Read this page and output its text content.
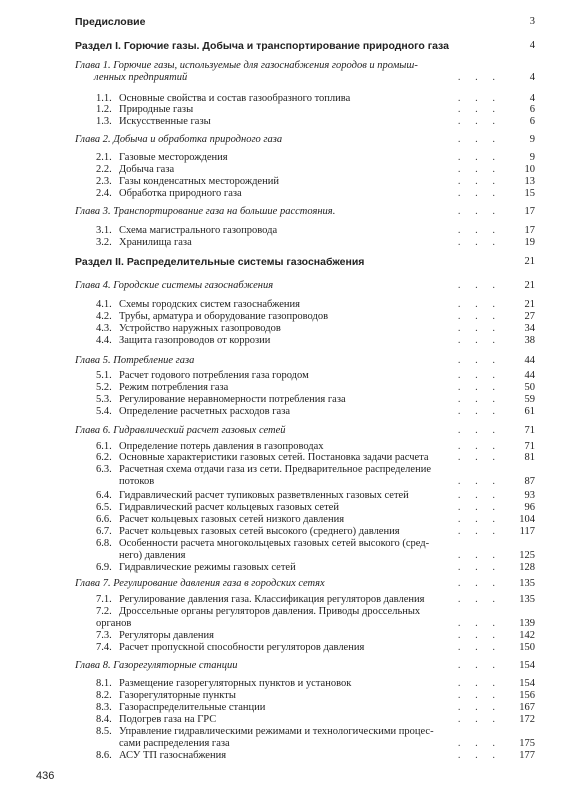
Предисловие	3
Раздел I. Горючие газы. Добыча и транспортирование природного газа	4
Глава 1. Горючие газы, используемые для газоснабжения городов и промыш-
ленных предприятий	4
. . .
1.1. Основные свойства и состав газообразного топлива	4
. . .
1.2. Природные газы	6
. . .
1.3. Искусственные газы	6
. . .
Глава 2. Добыча и обработка природного газа	9
. . .
2.1. Газовые месторождения	9
. . .
2.2. Добыча газа	10
. . .
2.3. Газы конденсатных месторождений	13
. . .
2.4. Обработка природного газа	15
. . .
Глава 3. Транспортирование газа на большие расстояния.	17
. . .
3.1. Схема магистрального газопровода	17
. . .
3.2. Хранилища газа	19
. . .
Раздел II. Распределительные системы газоснабжения	21
Глава 4. Городские системы газоснабжения	21
. . .
4.1. Схемы городских систем газоснабжения	21
. . .
4.2. Трубы, арматура и оборудование газопроводов	27
. . .
4.3. Устройство наружных газопроводов	34
. . .
4.4. Защита газопроводов от коррозии	38
. . .
Глава 5. Потребление газа	44
. . .
5.1. Расчет годового потребления газа городом	44
. . .
5.2. Режим потребления газа	50
. . .
5.3. Регулирование неравномерности потребления газа	59
. . .
5.4. Определение расчетных расходов газа	61
. . .
Глава 6. Гидравлический расчет газовых сетей	71
. . .
6.1. Определение потерь давления в газопроводах	71
. . .
6.2. Основные характеристики газовых сетей. Постановка задачи расчета	81
. . .
6.3. Расчетная схема отдачи газа из сети. Предварительное распределение
потоков	87
. . .
6.4. Гидравлический расчет тупиковых разветвленных газовых сетей	93
. . .
6.5. Гидравлический расчет кольцевых газовых сетей	96
. . .
6.6. Расчет кольцевых газовых сетей низкого давления	104
. . .
6.7. Расчет кольцевых газовых сетей высокого (среднего) давления	117
. . .
6.8. Особенности расчета многокольцевых газовых сетей высокого (сред-
него) давления	125
. . .
6.9. Гидравлические режимы газовых сетей	128
. . .
Глава 7. Регулирование давления газа в городских сетях	135
. . .
7.1. Регулирование давления газа. Классификация регуляторов давления	135
. . .
7.2. Дроссельные органы регуляторов давления. Приводы дроссельных
органов	139
. . .
7.3. Регуляторы давления	142
. . .
7.4. Расчет пропускной способности регуляторов давления	150
. . .
Глава 8. Газорегуляторные станции	154
. . .
8.1. Размещение газорегуляторных пунктов и установок	154
. . .
8.2. Газорегуляторные пункты	156
. . .
8.3. Газораспределительные станции	167
. . .
8.4. Подогрев газа на ГРС	172
. . .
8.5. Управление гидравлическими режимами и технологическими процес-
сами распределения газа	175
. . .
8.6. АСУ ТП газоснабжения	177
. . .
436
